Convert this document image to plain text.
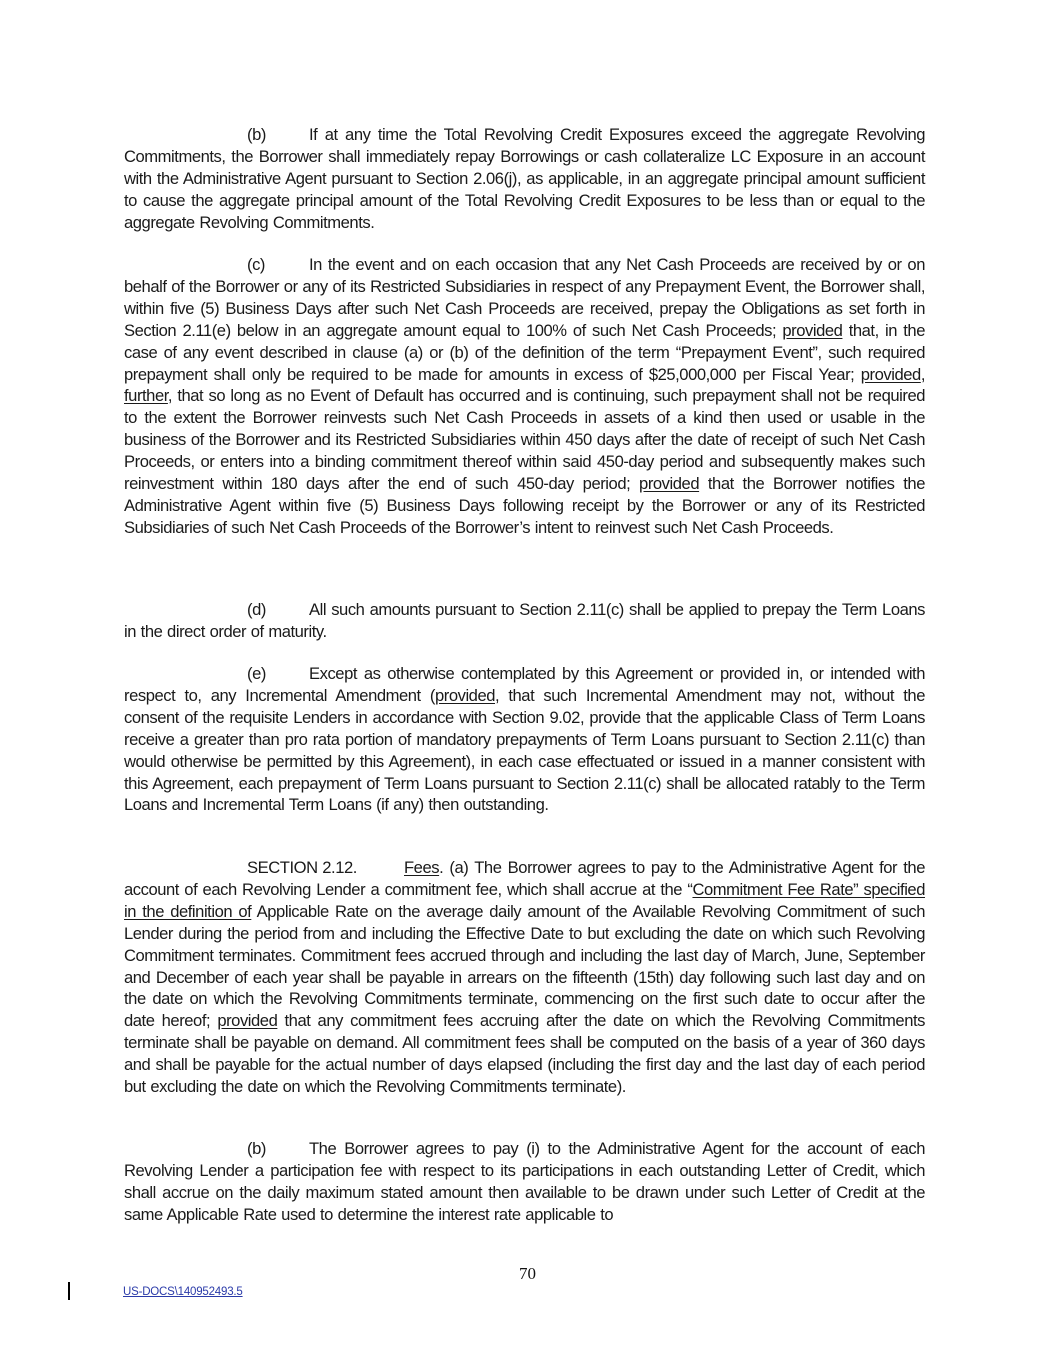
(b)	If at any time the Total Revolving Credit Exposures exceed the aggregate Revolving Commitments, the Borrower shall immediately repay Borrowings or cash collateralize LC Exposure in an account with the Administrative Agent pursuant to Section 2.06(j), as applicable, in an aggregate principal amount sufficient to cause the aggregate principal amount of the Total Revolving Credit Exposures to be less than or equal to the aggregate Revolving Commitments.

(c)	In the event and on each occasion that any Net Cash Proceeds are received by or on behalf of the Borrower or any of its Restricted Subsidiaries in respect of any Prepayment Event, the Borrower shall, within five (5) Business Days after such Net Cash Proceeds are received, prepay the Obligations as set forth in Section 2.11(e) below in an aggregate amount equal to 100% of such Net Cash Proceeds; provided that, in the case of any event described in clause (a) or (b) of the definition of the term “Prepayment Event”, such required prepayment shall only be required to be made for amounts in excess of $25,000,000 per Fiscal Year; provided, further, that so long as no Event of Default has occurred and is continuing, such prepayment shall not be required to the extent the Borrower reinvests such Net Cash Proceeds in assets of a kind then used or usable in the business of the Borrower and its Restricted Subsidiaries within 450 days after the date of receipt of such Net Cash Proceeds, or enters into a binding commitment thereof within said 450-day period and subsequently makes such reinvestment within 180 days after the end of such 450-day period; provided that the Borrower notifies the Administrative Agent within five (5) Business Days following receipt by the Borrower or any of its Restricted Subsidiaries of such Net Cash Proceeds of the Borrower’s intent to reinvest such Net Cash Proceeds.

(d)	All such amounts pursuant to Section 2.11(c) shall be applied to prepay the Term Loans in the direct order of maturity.

(e)	Except as otherwise contemplated by this Agreement or provided in, or intended with respect to, any Incremental Amendment (provided, that such Incremental Amendment may not, without the consent of the requisite Lenders in accordance with Section 9.02, provide that the applicable Class of Term Loans receive a greater than pro rata portion of mandatory prepayments of Term Loans pursuant to Section 2.11(c) than would otherwise be permitted by this Agreement), in each case effectuated or issued in a manner consistent with this Agreement, each prepayment of Term Loans pursuant to Section 2.11(c) shall be allocated ratably to the Term Loans and Incremental Term Loans (if any) then outstanding.

SECTION 2.12.	Fees. (a) The Borrower agrees to pay to the Administrative Agent for the account of each Revolving Lender a commitment fee, which shall accrue at the “Commitment Fee Rate” specified in the definition of Applicable Rate on the average daily amount of the Available Revolving Commitment of such Lender during the period from and including the Effective Date to but excluding the date on which such Revolving Commitment terminates. Commitment fees accrued through and including the last day of March, June, September and December of each year shall be payable in arrears on the fifteenth (15th) day following such last day and on the date on which the Revolving Commitments terminate, commencing on the first such date to occur after the date hereof; provided that any commitment fees accruing after the date on which the Revolving Commitments terminate shall be payable on demand. All commitment fees shall be computed on the basis of a year of 360 days and shall be payable for the actual number of days elapsed (including the first day and the last day of each period but excluding the date on which the Revolving Commitments terminate).

(b)	The Borrower agrees to pay (i) to the Administrative Agent for the account of each Revolving Lender a participation fee with respect to its participations in each outstanding Letter of Credit, which shall accrue on the daily maximum stated amount then available to be drawn under such Letter of Credit at the same Applicable Rate used to determine the interest rate applicable to

70
US-DOCS\140952493.5
